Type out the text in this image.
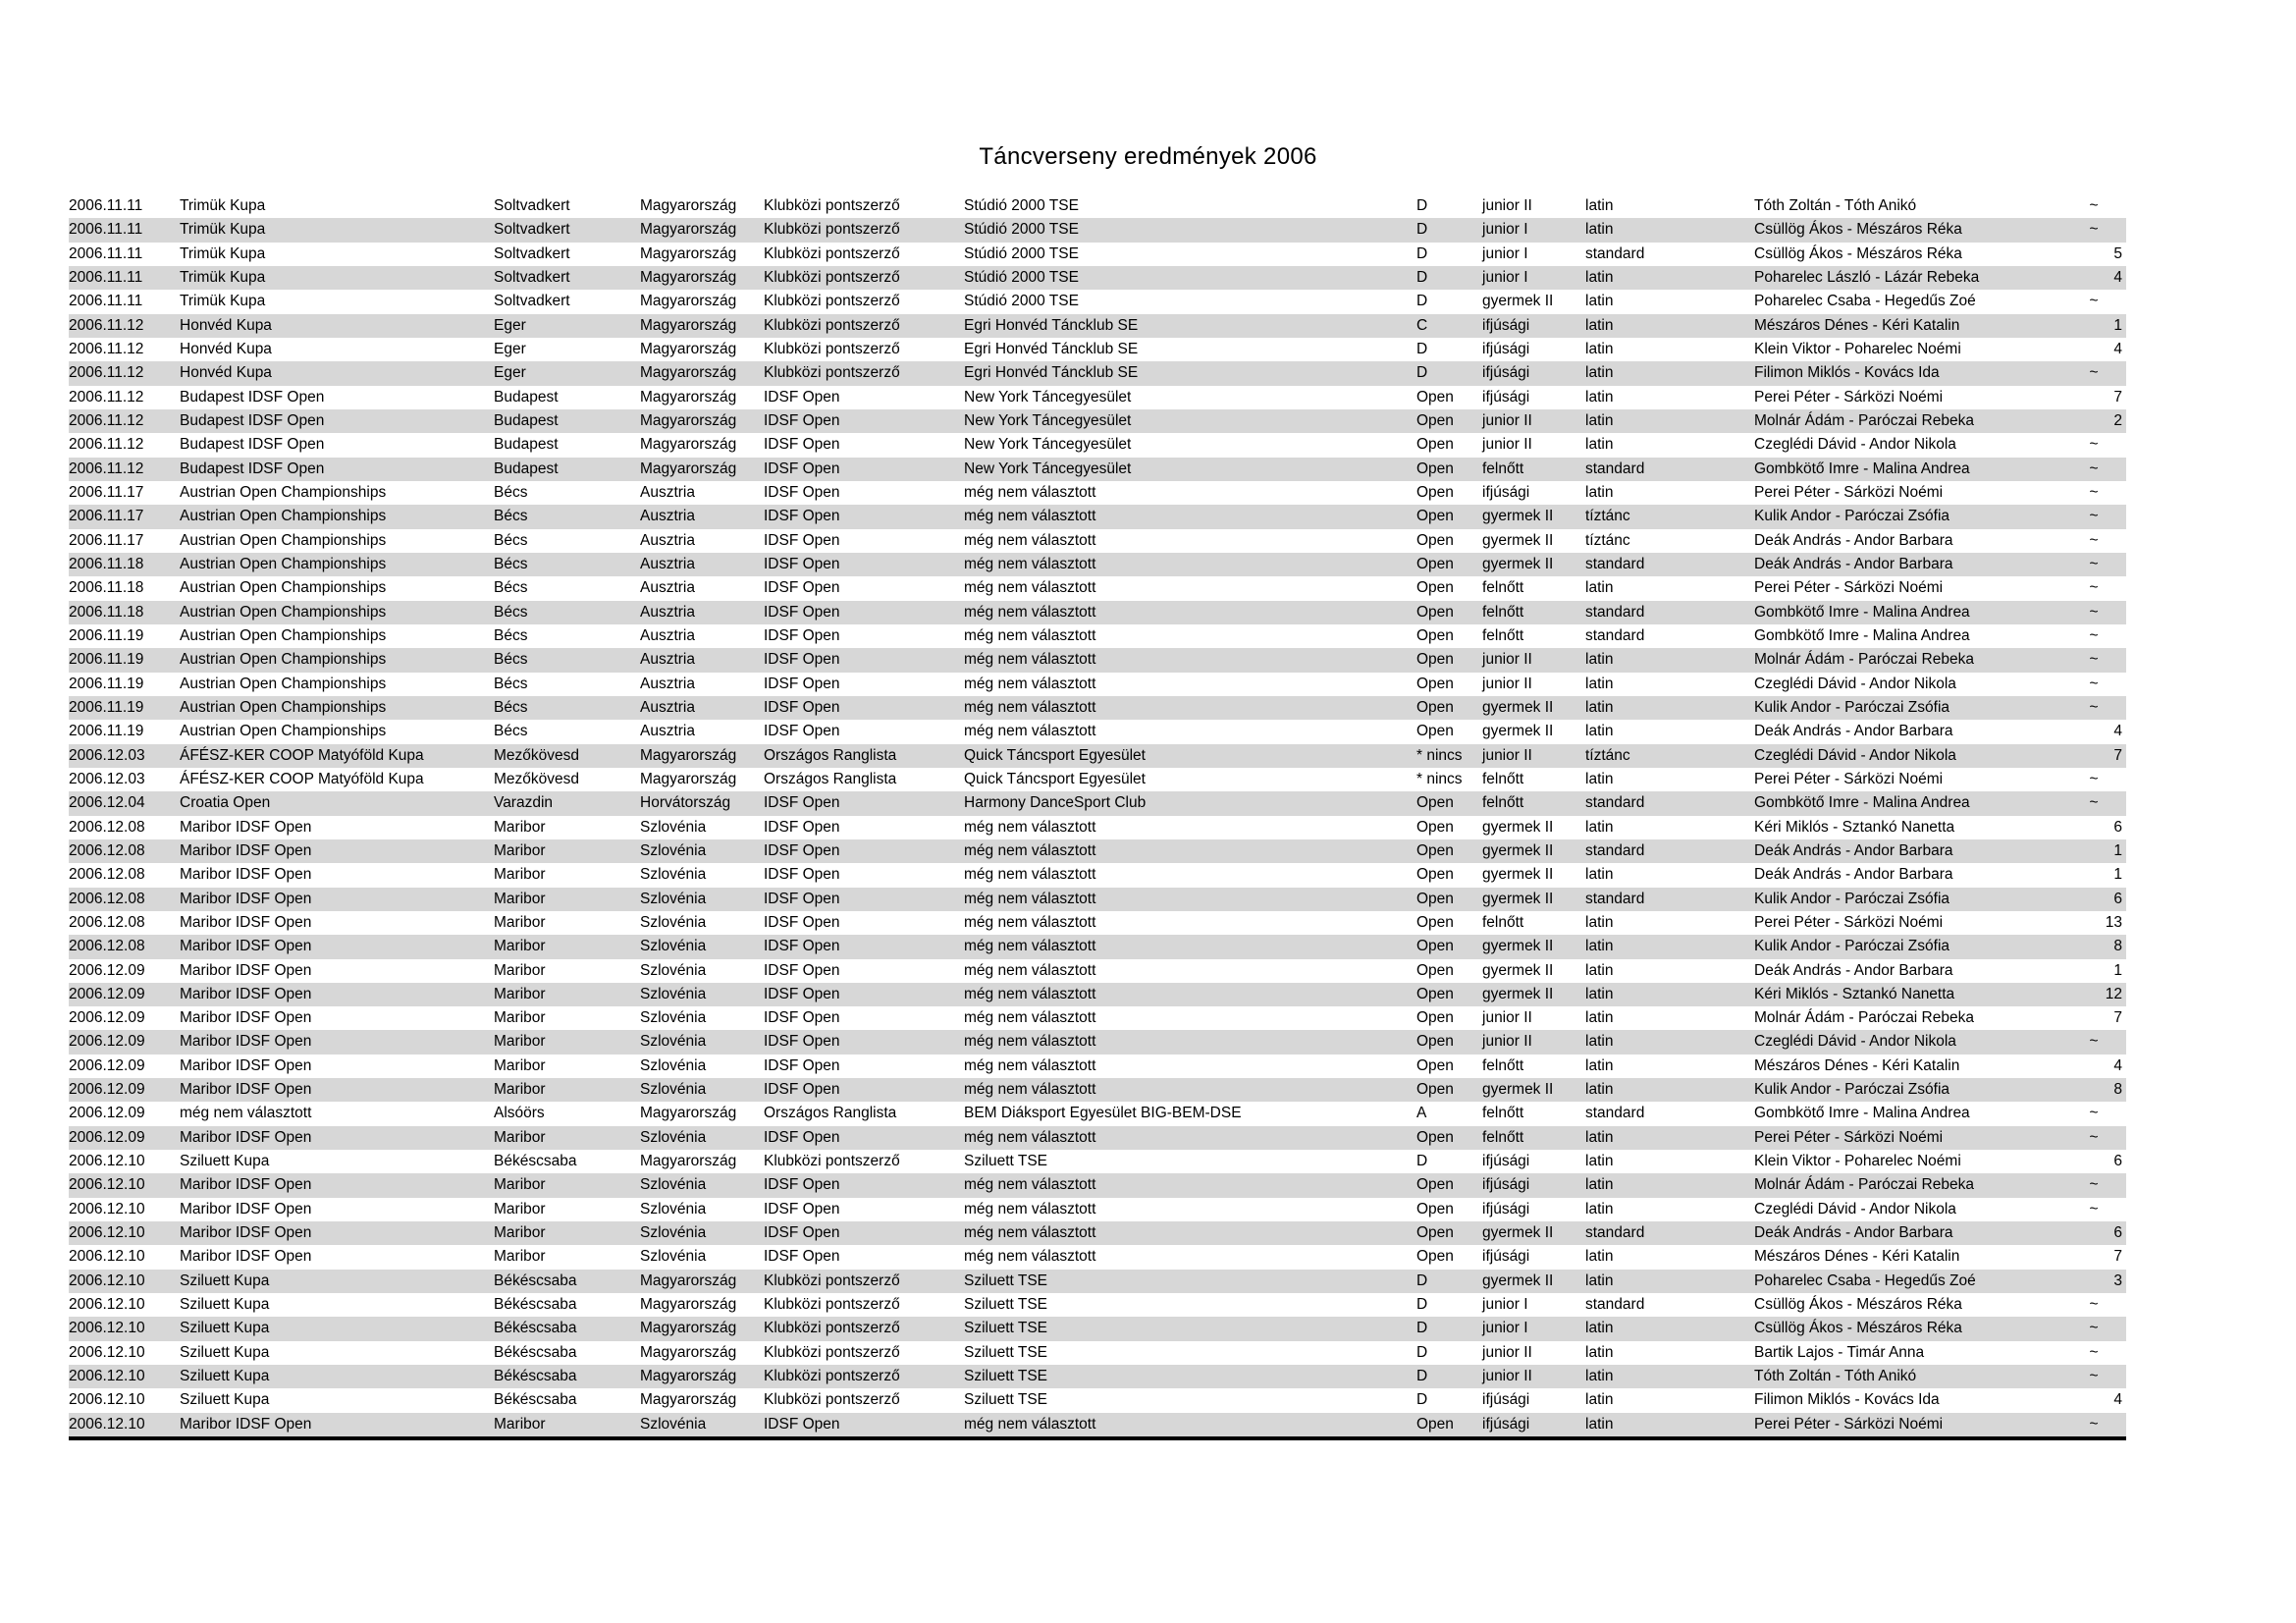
Táncverseny eredmények 2006
2006.11.11	Trimük Kupa	Soltvadkert	Magyarország	Klubközi pontszerző	Stúdió 2000 TSE	D	junior II	latin	Tóth Zoltán - Tóth Anikó	~
2006.11.11	Trimük Kupa	Soltvadkert	Magyarország	Klubközi pontszerző	Stúdió 2000 TSE	D	junior I	latin	Csüllög Ákos - Mészáros Réka	~
2006.11.11	Trimük Kupa	Soltvadkert	Magyarország	Klubközi pontszerző	Stúdió 2000 TSE	D	junior I	standard	Csüllög Ákos - Mészáros Réka	5
2006.11.11	Trimük Kupa	Soltvadkert	Magyarország	Klubközi pontszerző	Stúdió 2000 TSE	D	junior I	latin	Poharelec László - Lázár Rebeka	4
2006.11.11	Trimük Kupa	Soltvadkert	Magyarország	Klubközi pontszerző	Stúdió 2000 TSE	D	gyermek II	latin	Poharelec Csaba - Hegedűs Zoé	~
2006.11.12	Honvéd Kupa	Eger	Magyarország	Klubközi pontszerző	Egri Honvéd Táncklub SE	C	ifjúsági	latin	Mészáros Dénes - Kéri Katalin	1
2006.11.12	Honvéd Kupa	Eger	Magyarország	Klubközi pontszerző	Egri Honvéd Táncklub SE	D	ifjúsági	latin	Klein Viktor - Poharelec Noémi	4
2006.11.12	Honvéd Kupa	Eger	Magyarország	Klubközi pontszerző	Egri Honvéd Táncklub SE	D	ifjúsági	latin	Filimon Miklós - Kovács Ida	~
2006.11.12	Budapest IDSF Open	Budapest	Magyarország	IDSF Open	New York Táncegyesület	Open	ifjúsági	latin	Perei Péter - Sárközi Noémi	7
2006.11.12	Budapest IDSF Open	Budapest	Magyarország	IDSF Open	New York Táncegyesület	Open	junior II	latin	Molnár Ádám - Paróczai Rebeka	2
2006.11.12	Budapest IDSF Open	Budapest	Magyarország	IDSF Open	New York Táncegyesület	Open	junior II	latin	Czeglédi Dávid - Andor Nikola	~
2006.11.12	Budapest IDSF Open	Budapest	Magyarország	IDSF Open	New York Táncegyesület	Open	felnőtt	standard	Gombkötő Imre - Malina Andrea	~
2006.11.17	Austrian Open Championships	Bécs	Ausztria	IDSF Open	még nem választott	Open	ifjúsági	latin	Perei Péter - Sárközi Noémi	~
2006.11.17	Austrian Open Championships	Bécs	Ausztria	IDSF Open	még nem választott	Open	gyermek II	tíztánc	Kulik Andor - Paróczai Zsófia	~
2006.11.17	Austrian Open Championships	Bécs	Ausztria	IDSF Open	még nem választott	Open	gyermek II	tíztánc	Deák András - Andor Barbara	~
2006.11.18	Austrian Open Championships	Bécs	Ausztria	IDSF Open	még nem választott	Open	gyermek II	standard	Deák András - Andor Barbara	~
2006.11.18	Austrian Open Championships	Bécs	Ausztria	IDSF Open	még nem választott	Open	felnőtt	latin	Perei Péter - Sárközi Noémi	~
2006.11.18	Austrian Open Championships	Bécs	Ausztria	IDSF Open	még nem választott	Open	felnőtt	standard	Gombkötő Imre - Malina Andrea	~
2006.11.19	Austrian Open Championships	Bécs	Ausztria	IDSF Open	még nem választott	Open	felnőtt	standard	Gombkötő Imre - Malina Andrea	~
2006.11.19	Austrian Open Championships	Bécs	Ausztria	IDSF Open	még nem választott	Open	junior II	latin	Molnár Ádám - Paróczai Rebeka	~
2006.11.19	Austrian Open Championships	Bécs	Ausztria	IDSF Open	még nem választott	Open	junior II	latin	Czeglédi Dávid - Andor Nikola	~
2006.11.19	Austrian Open Championships	Bécs	Ausztria	IDSF Open	még nem választott	Open	gyermek II	latin	Kulik Andor - Paróczai Zsófia	~
2006.11.19	Austrian Open Championships	Bécs	Ausztria	IDSF Open	még nem választott	Open	gyermek II	latin	Deák András - Andor Barbara	4
2006.12.03	ÁFÉSZ-KER COOP Matyóföld Kupa	Mezőkövesd	Magyarország	Országos Ranglista	Quick Táncsport Egyesület	* nincs	junior II	tíztánc	Czeglédi Dávid - Andor Nikola	7
2006.12.03	ÁFÉSZ-KER COOP Matyóföld Kupa	Mezőkövesd	Magyarország	Országos Ranglista	Quick Táncsport Egyesület	* nincs	felnőtt	latin	Perei Péter - Sárközi Noémi	~
2006.12.04	Croatia Open	Varazdin	Horvátország	IDSF Open	Harmony DanceSport Club	Open	felnőtt	standard	Gombkötő Imre - Malina Andrea	~
2006.12.08	Maribor IDSF Open	Maribor	Szlovénia	IDSF Open	még nem választott	Open	gyermek II	latin	Kéri Miklós - Sztankó Nanetta	6
2006.12.08	Maribor IDSF Open	Maribor	Szlovénia	IDSF Open	még nem választott	Open	gyermek II	standard	Deák András - Andor Barbara	1
2006.12.08	Maribor IDSF Open	Maribor	Szlovénia	IDSF Open	még nem választott	Open	gyermek II	latin	Deák András - Andor Barbara	1
2006.12.08	Maribor IDSF Open	Maribor	Szlovénia	IDSF Open	még nem választott	Open	gyermek II	standard	Kulik Andor - Paróczai Zsófia	6
2006.12.08	Maribor IDSF Open	Maribor	Szlovénia	IDSF Open	még nem választott	Open	felnőtt	latin	Perei Péter - Sárközi Noémi	13
2006.12.08	Maribor IDSF Open	Maribor	Szlovénia	IDSF Open	még nem választott	Open	gyermek II	latin	Kulik Andor - Paróczai Zsófia	8
2006.12.09	Maribor IDSF Open	Maribor	Szlovénia	IDSF Open	még nem választott	Open	gyermek II	latin	Deák András - Andor Barbara	1
2006.12.09	Maribor IDSF Open	Maribor	Szlovénia	IDSF Open	még nem választott	Open	gyermek II	latin	Kéri Miklós - Sztankó Nanetta	12
2006.12.09	Maribor IDSF Open	Maribor	Szlovénia	IDSF Open	még nem választott	Open	junior II	latin	Molnár Ádám - Paróczai Rebeka	7
2006.12.09	Maribor IDSF Open	Maribor	Szlovénia	IDSF Open	még nem választott	Open	junior II	latin	Czeglédi Dávid - Andor Nikola	~
2006.12.09	Maribor IDSF Open	Maribor	Szlovénia	IDSF Open	még nem választott	Open	felnőtt	latin	Mészáros Dénes - Kéri Katalin	4
2006.12.09	Maribor IDSF Open	Maribor	Szlovénia	IDSF Open	még nem választott	Open	gyermek II	latin	Kulik Andor - Paróczai Zsófia	8
2006.12.09	még nem választott	Alsóörs	Magyarország	Országos Ranglista	BEM Diáksport Egyesület BIG-BEM-DSE	A	felnőtt	standard	Gombkötő Imre - Malina Andrea	~
2006.12.09	Maribor IDSF Open	Maribor	Szlovénia	IDSF Open	még nem választott	Open	felnőtt	latin	Perei Péter - Sárközi Noémi	~
2006.12.10	Sziluett Kupa	Békéscsaba	Magyarország	Klubközi pontszerző	Sziluett TSE	D	ifjúsági	latin	Klein Viktor - Poharelec Noémi	6
2006.12.10	Maribor IDSF Open	Maribor	Szlovénia	IDSF Open	még nem választott	Open	ifjúsági	latin	Molnár Ádám - Paróczai Rebeka	~
2006.12.10	Maribor IDSF Open	Maribor	Szlovénia	IDSF Open	még nem választott	Open	ifjúsági	latin	Czeglédi Dávid - Andor Nikola	~
2006.12.10	Maribor IDSF Open	Maribor	Szlovénia	IDSF Open	még nem választott	Open	gyermek II	standard	Deák András - Andor Barbara	6
2006.12.10	Maribor IDSF Open	Maribor	Szlovénia	IDSF Open	még nem választott	Open	ifjúsági	latin	Mészáros Dénes - Kéri Katalin	7
2006.12.10	Sziluett Kupa	Békéscsaba	Magyarország	Klubközi pontszerző	Sziluett TSE	D	gyermek II	latin	Poharelec Csaba - Hegedűs Zoé	3
2006.12.10	Sziluett Kupa	Békéscsaba	Magyarország	Klubközi pontszerző	Sziluett TSE	D	junior I	standard	Csüllög Ákos - Mészáros Réka	~
2006.12.10	Sziluett Kupa	Békéscsaba	Magyarország	Klubközi pontszerző	Sziluett TSE	D	junior I	latin	Csüllög Ákos - Mészáros Réka	~
2006.12.10	Sziluett Kupa	Békéscsaba	Magyarország	Klubközi pontszerző	Sziluett TSE	D	junior II	latin	Bartik Lajos - Timár Anna	~
2006.12.10	Sziluett Kupa	Békéscsaba	Magyarország	Klubközi pontszerző	Sziluett TSE	D	junior II	latin	Tóth Zoltán - Tóth Anikó	~
2006.12.10	Sziluett Kupa	Békéscsaba	Magyarország	Klubközi pontszerző	Sziluett TSE	D	ifjúsági	latin	Filimon Miklós - Kovács Ida	4
2006.12.10	Maribor IDSF Open	Maribor	Szlovénia	IDSF Open	még nem választott	Open	ifjúsági	latin	Perei Péter - Sárközi Noémi	~
